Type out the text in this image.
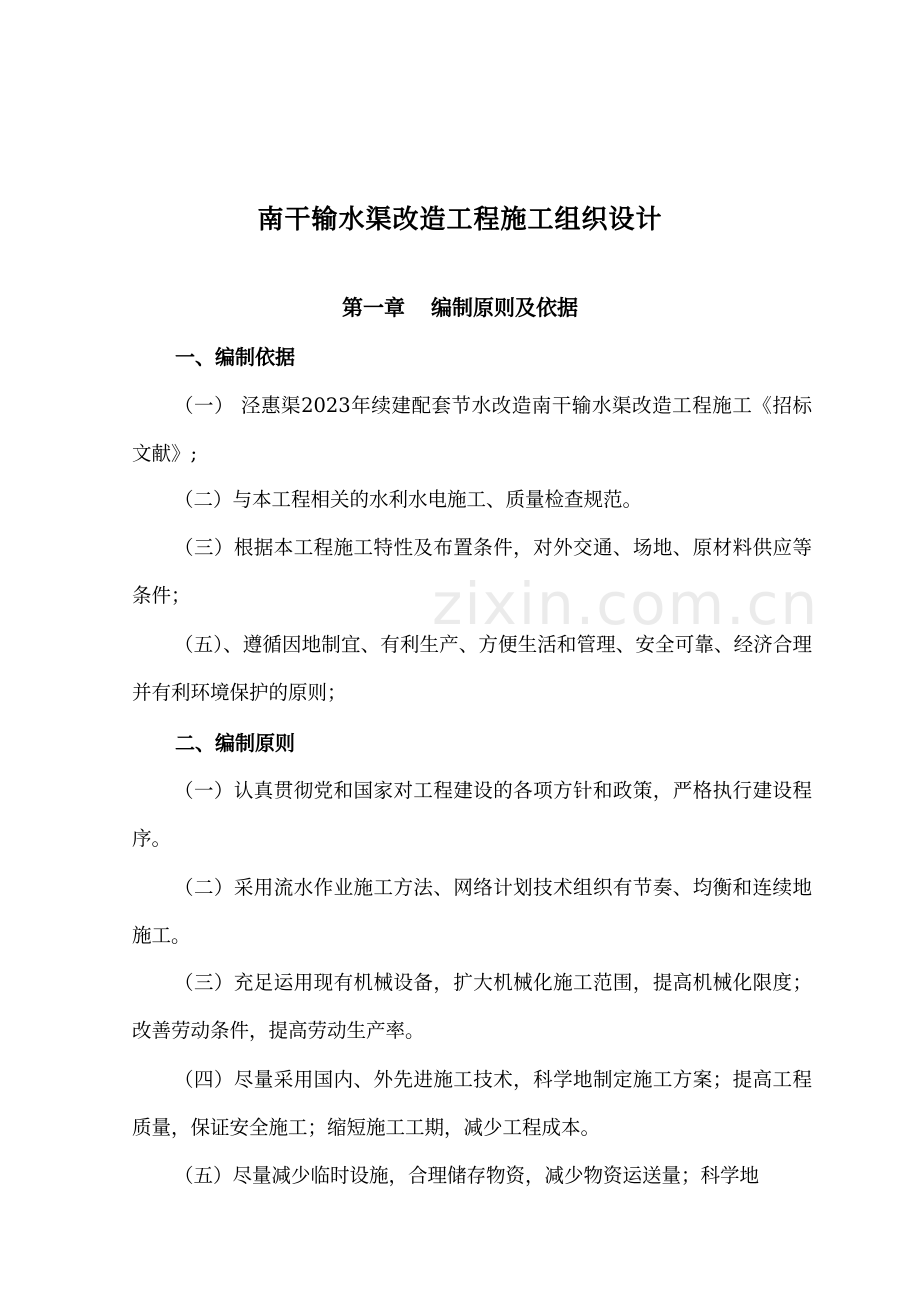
南干输水渠改造工程施工组织设计
第一章 编制原则及依据
一、编制依据
（一） 泾惠渠2023年续建配套节水改造南干输水渠改造工程施工《招标文献》;
（二）与本工程相关的水利水电施工、质量检查规范。
（三）根据本工程施工特性及布置条件，对外交通、场地、原材料供应等条件；
（五）、遵循因地制宜、有利生产、方便生活和管理、安全可靠、经济合理并有利环境保护的原则；
二、编制原则
（一）认真贯彻党和国家对工程建设的各项方针和政策，严格执行建设程序。
（二）采用流水作业施工方法、网络计划技术组织有节奏、均衡和连续地施工。
（三）充足运用现有机械设备，扩大机械化施工范围，提高机械化限度；改善劳动条件，提高劳动生产率。
（四）尽量采用国内、外先进施工技术，科学地制定施工方案；提高工程质量，保证安全施工；缩短施工工期，减少工程成本。
（五）尽量减少临时设施，合理储存物资，减少物资运送量；科学地
zixin.com.cn
